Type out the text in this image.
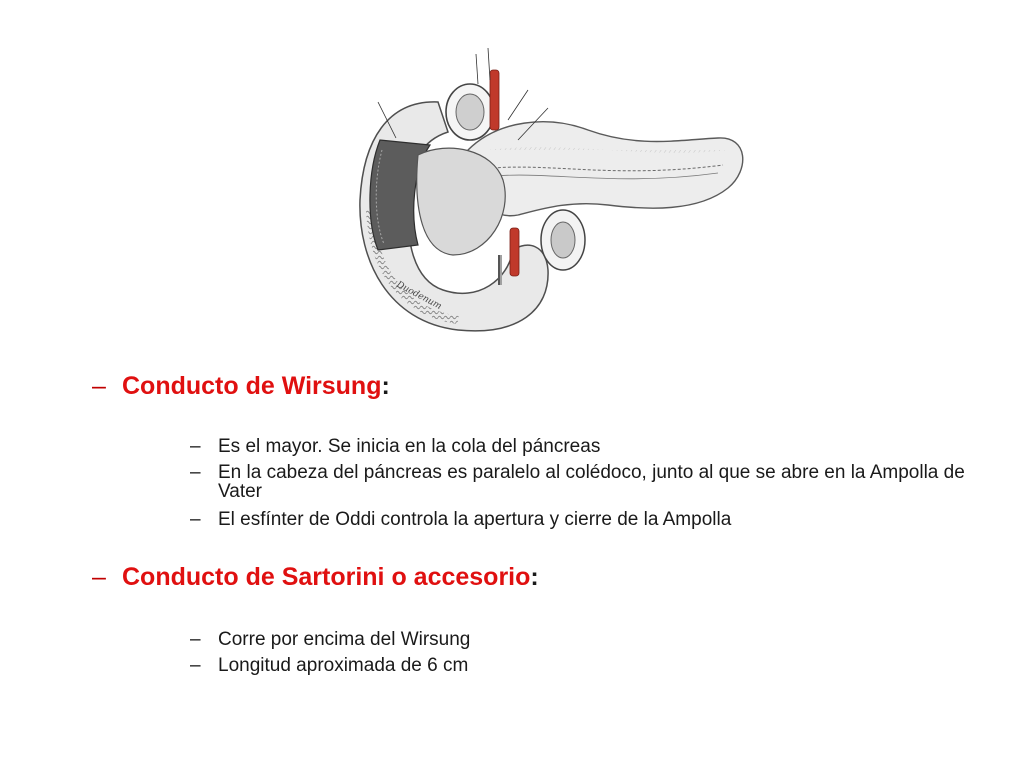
Duodenum
– Conducto de Wirsung :
– Es el mayor. Se inicia en la cola del páncreas
– En la cabeza del páncreas es paralelo al colédoco, junto al que se abre en la Ampolla de Vater
– El esfínter de Oddi controla la apertura y cierre de la Ampolla
– Conducto de Sartorini o accesorio :
– Corre por encima del Wirsung
– Longitud aproximada de 6 cm
